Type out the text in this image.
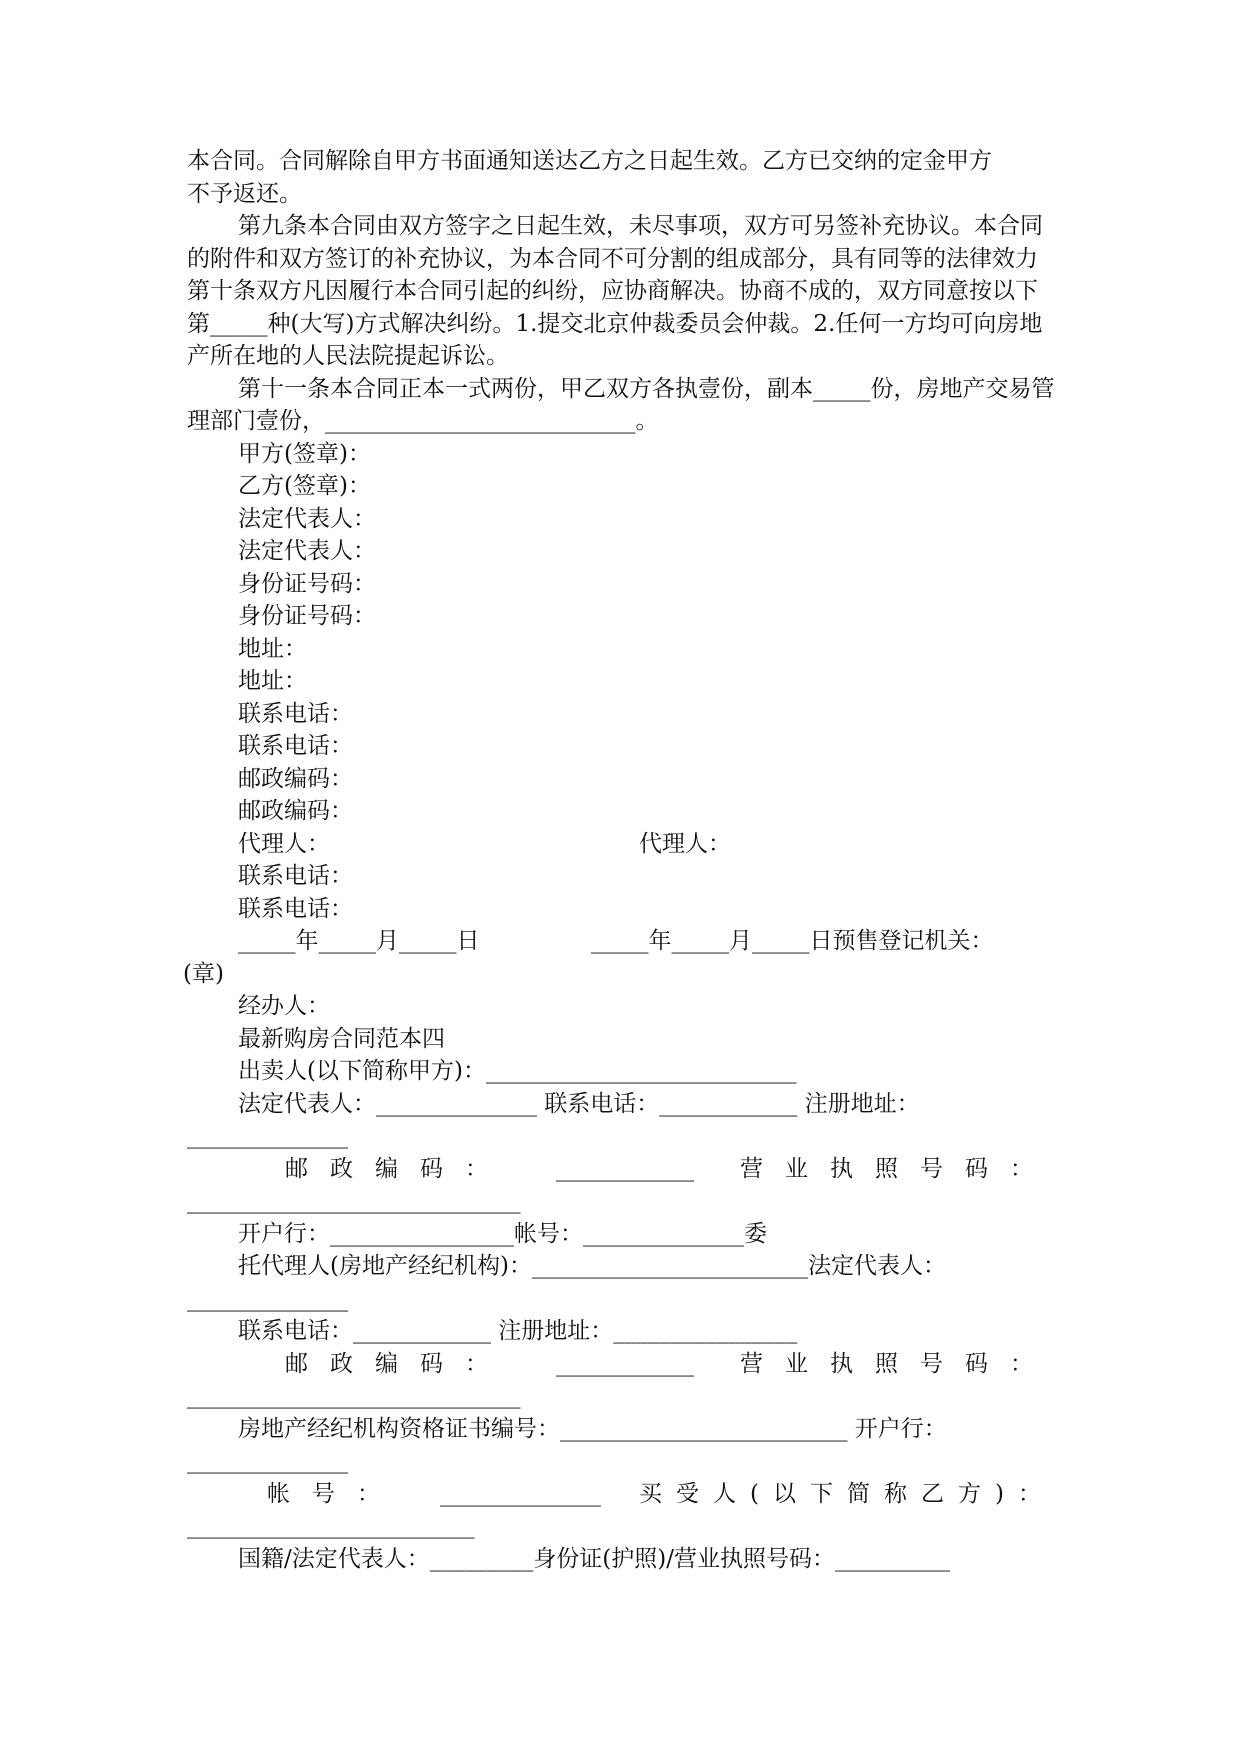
本合同。合同解除自甲方书面通知送达乙方之日起生效。乙方已交纳的定金甲方

不予返还。

第九条本合同由双方签字之日起生效，未尽事项，双方可另签补充协议。本合同的附件和双方签订的补充协议，为本合同不可分割的组成部分，具有同等的法律效力第十条双方凡因履行本合同引起的纠纷，应协商解决。协商不成的，双方同意按以下第_____种(大写)方式解决纠纷。1.提交北京仲裁委员会仲裁。2.任何一方均可向房地产所在地的人民法院提起诉讼。

第十一条本合同正本一式两份，甲乙双方各执壹份，副本_____份，房地产交易管理部门壹份，___________________________。

甲方(签章)：

乙方(签章)：

法定代表人：

法定代表人：

身份证号码：

身份证号码：

地址：

地址：

联系电话：

联系电话：

邮政编码：

邮政编码：

代理人：	代理人：

联系电话：

联系电话：

_____年_____月_____日	_____年_____月_____日预售登记机关：

(章)

经办人：

最新购房合同范本四

出卖人(以下简称甲方)：___________________________

法定代表人：______________ 联系电话：____________ 注册地址：

______________

邮政编码： ____________ 营业执照号码：

_____________________________

开户行：________________帐号：______________委

托代理人(房地产经纪机构)：________________________法定代表人：

______________

联系电话：____________ 注册地址：________________

邮政编码： ____________ 营业执照号码：

_____________________________

房地产经纪机构资格证书编号：_________________________ 开户行：

______________

帐号： ______________ 买受人(以下简称乙方)：

_________________________

国籍/法定代表人：_________身份证(护照)/营业执照号码：__________
